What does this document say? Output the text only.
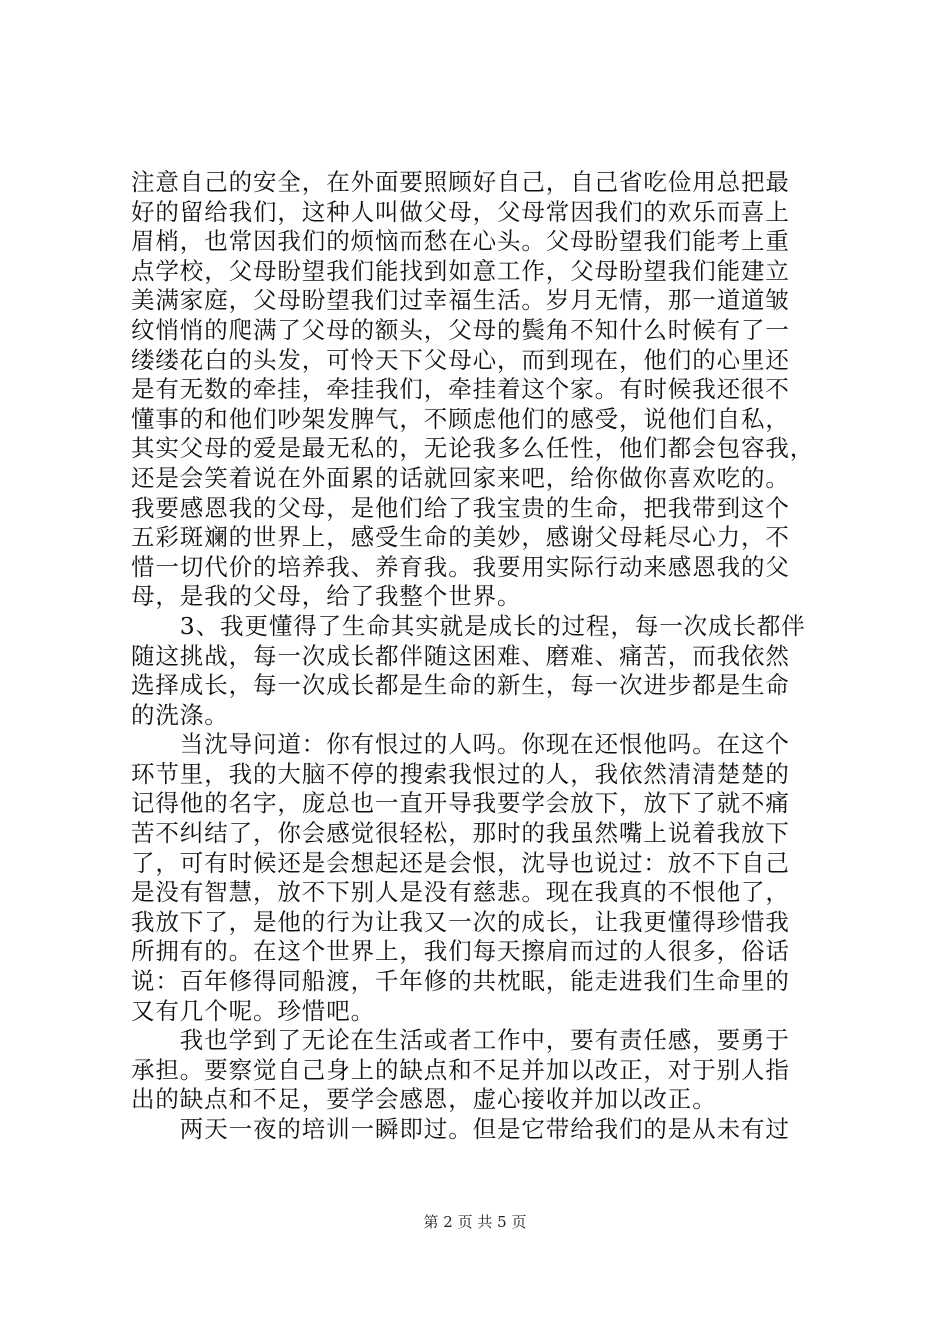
注意自己的安全，在外面要照顾好自己，自己省吃俭用总把最
好的留给我们，这种人叫做父母，父母常因我们的欢乐而喜上
眉梢，也常因我们的烦恼而愁在心头。父母盼望我们能考上重
点学校，父母盼望我们能找到如意工作，父母盼望我们能建立
美满家庭，父母盼望我们过幸福生活。岁月无情，那一道道皱
纹悄悄的爬满了父母的额头，父母的鬓角不知什么时候有了一
缕缕花白的头发，可怜天下父母心，而到现在，他们的心里还
是有无数的牵挂，牵挂我们，牵挂着这个家。有时候我还很不
懂事的和他们吵架发脾气，不顾虑他们的感受，说他们自私，
其实父母的爱是最无私的，无论我多么任性，他们都会包容我，
还是会笑着说在外面累的话就回家来吧，给你做你喜欢吃的。
我要感恩我的父母，是他们给了我宝贵的生命，把我带到这个
五彩斑斓的世界上，感受生命的美妙，感谢父母耗尽心力，不
惜一切代价的培养我、养育我。我要用实际行动来感恩我的父
母，是我的父母，给了我整个世界。
　　3、我更懂得了生命其实就是成长的过程，每一次成长都伴
随这挑战，每一次成长都伴随这困难、磨难、痛苦，而我依然
选择成长，每一次成长都是生命的新生，每一次进步都是生命
的洗涤。
　　当沈导问道：你有恨过的人吗。你现在还恨他吗。在这个
环节里，我的大脑不停的搜索我恨过的人，我依然清清楚楚的
记得他的名字，庞总也一直开导我要学会放下，放下了就不痛
苦不纠结了，你会感觉很轻松，那时的我虽然嘴上说着我放下
了，可有时候还是会想起还是会恨，沈导也说过：放不下自己
是没有智慧，放不下别人是没有慈悲。现在我真的不恨他了，
我放下了，是他的行为让我又一次的成长，让我更懂得珍惜我
所拥有的。在这个世界上，我们每天擦肩而过的人很多，俗话
说：百年修得同船渡，千年修的共枕眠，能走进我们生命里的
又有几个呢。珍惜吧。
　　我也学到了无论在生活或者工作中，要有责任感，要勇于
承担。要察觉自己身上的缺点和不足并加以改正，对于别人指
出的缺点和不足，要学会感恩，虚心接收并加以改正。
　　两天一夜的培训一瞬即过。但是它带给我们的是从未有过
第 2 页 共 5 页
